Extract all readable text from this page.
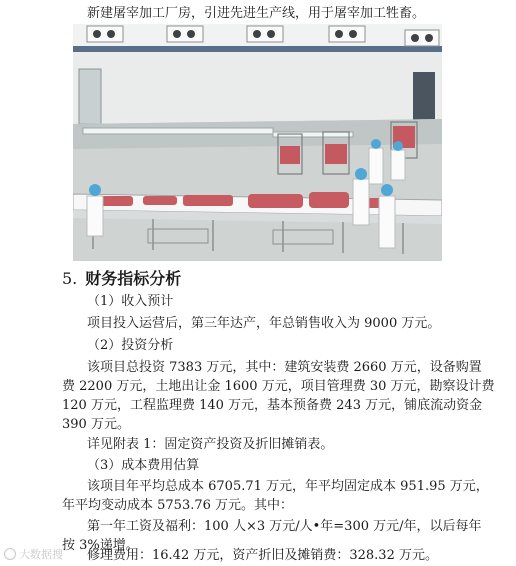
新建屠宰加工厂房，引进先进生产线，用于屠宰加工牲畜。

5. 财务指标分析

（1）收入预计

项目投入运营后，第三年达产，年总销售收入为 9000 万元。

（2）投资分析

该项目总投资 7383 万元，其中：建筑安装费 2660 万元，设备购置

费 2200 万元，土地出让金 1600 万元，项目管理费 30 万元，勘察设计费

120 万元，工程监理费 140 万元，基本预备费 243 万元，铺底流动资金

390 万元。

详见附表 1：固定资产投资及折旧摊销表。

（3）成本费用估算

该项目年平均总成本 6705.71 万元，年平均固定成本 951.95 万元，

年平均变动成本 5753.76 万元。其中：

第一年工资及福利：100 人×3 万元/人•年=300 万元/年，以后每年

按 3%递增。

修理费用：16.42 万元，资产折旧及摊销费：328.32 万元。

大数据搜
